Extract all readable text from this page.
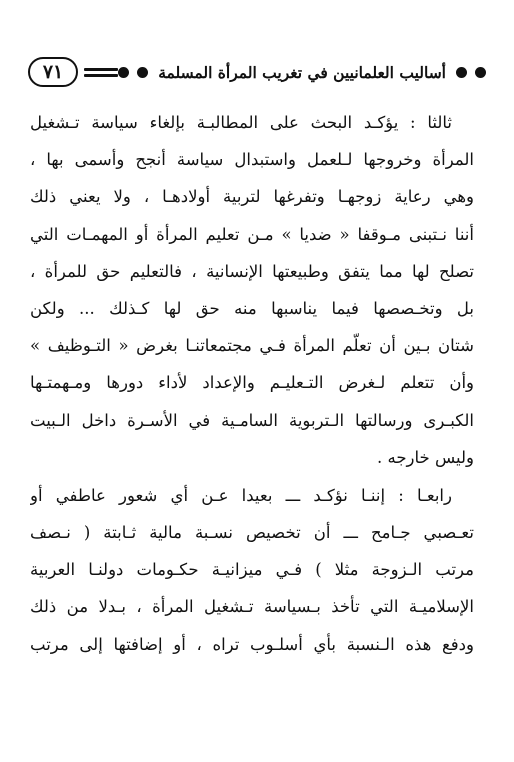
أساليب العلمانيين في تغريب المرأة المسلمة
٧١
ثالثا : يؤكـد البحث على المطالبـة بإلغاء سياسة تـشغيل
المرأة وخروجها لـلعمل واستبدال سياسة أنجح وأسمى بها ،
وهي رعاية زوجهـا وتفرغها لتربية أولادهـا ، ولا يعني ذلك
أننا نـتبنى مـوقفا « ضديا » مـن تعليم المرأة أو المهمـات التي
تصلح لها مما يتفق وطبيعتها الإنسانية ، فالتعليم حق للمرأة ،
بل وتخـصصها فيما يناسبها منه حق لها كـذلك ... ولكن
شتان بـين أن تعلّم المرأة فـي مجتمعاتنـا بغرض « التـوظيف »
وأن تتعلم لـغرض التـعليـم والإعداد لأداء دورها ومـهمتـها
الكبـرى ورسالتها الـتربوية السامـية في الأسـرة داخل الـبيت
وليس خارجه .
رابعـا : إننـا نؤكـد ـــ بعيدا عـن أي شعور عاطفي أو
تعـصبي جـامح ـــ أن تخصيص نسـبة مالية ثـابتة ( نـصف
مرتب الـزوجة مثلا ) فـي ميزانيـة حكـومات دولنـا العربية
الإسلاميـة التي تأخذ بـسياسة تـشغيل المرأة ، بـدلا من ذلك
ودفع هذه الـنسبة بأي أسلـوب تراه ، أو إضافتها إلى مرتب
